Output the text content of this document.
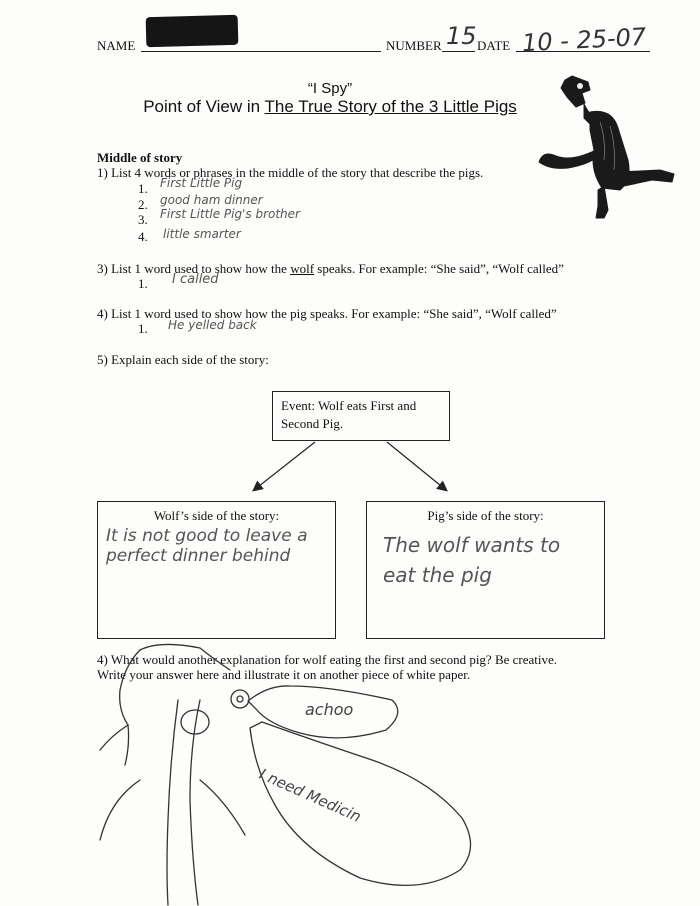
NAME	NUMBER 15 DATE 10 - 25-07
“I Spy”
Point of View in The True Story of the 3 Little Pigs
Middle of story
1) List 4 words or phrases in the middle of the story that describe the pigs.
1. First Little Pig
2. good ham dinner
3. First Little Pig's brother
4. little smarter
3) List 1 word used to show how the wolf speaks. For example: “She said”, “Wolf called”
1. I called
4) List 1 word used to show how the pig speaks. For example: “She said”, “Wolf called”
1. He yelled back
5) Explain each side of the story:
Event: Wolf eats First and Second Pig.
Wolf’s side of the story:
It is not good to leave a perfect dinner behind
Pig’s side of the story:
The wolf wants to eat the pig
4) What would another explanation for wolf eating the first and second pig? Be creative.
Write your answer here and illustrate it on another piece of white paper.
achoo
I need Medicin
